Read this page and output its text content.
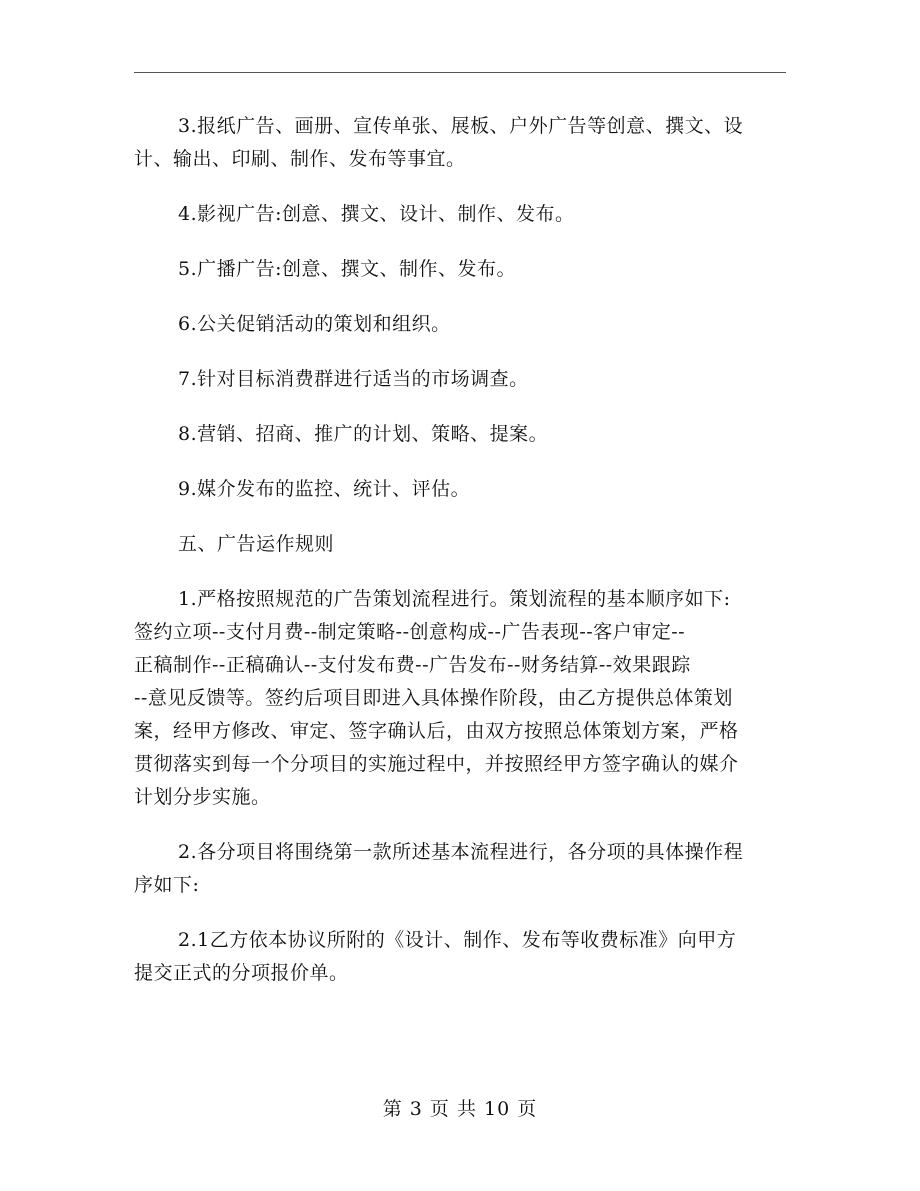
3.报纸广告、画册、宣传单张、展板、户外广告等创意、撰文、设
计、输出、印刷、制作、发布等事宜。

4.影视广告:创意、撰文、设计、制作、发布。

5.广播广告:创意、撰文、制作、发布。

6.公关促销活动的策划和组织。

7.针对目标消费群进行适当的市场调查。

8.营销、招商、推广的计划、策略、提案。

9.媒介发布的监控、统计、评估。

五、广告运作规则

1.严格按照规范的广告策划流程进行。策划流程的基本顺序如下:
签约立项--支付月费--制定策略--创意构成--广告表现--客户审定--
正稿制作--正稿确认--支付发布费--广告发布--财务结算--效果跟踪
--意见反馈等。签约后项目即进入具体操作阶段，由乙方提供总体策划
案，经甲方修改、审定、签字确认后，由双方按照总体策划方案，严格
贯彻落实到每一个分项目的实施过程中，并按照经甲方签字确认的媒介
计划分步实施。

2.各分项目将围绕第一款所述基本流程进行，各分项的具体操作程
序如下:

2.1乙方依本协议所附的《设计、制作、发布等收费标准》向甲方
提交正式的分项报价单。

第 3 页 共 10 页
